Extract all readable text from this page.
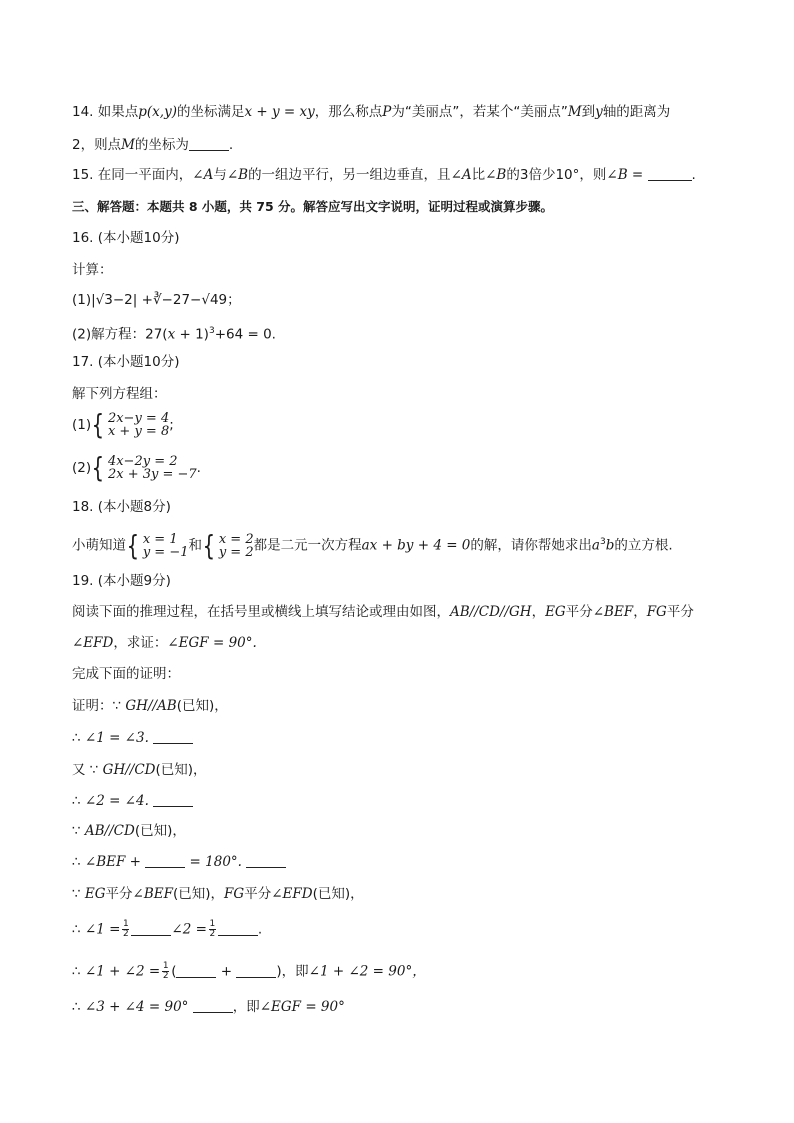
14. 如果点p(x,y)的坐标满足x + y = xy，那么称点P为“美丽点”，若某个“美丽点”M到y轴的距离为
2，则点M的坐标为	.
15. 在同一平面内，∠A与∠B的一组边平行，另一组边垂直，且∠A比∠B的3倍少10°，则∠B =	.
三、解答题：本题共 8 小题，共 75 分。解答应写出文字说明，证明过程或演算步骤。
16. (本小题10分)
计算：
(1)|√3−2| +∛−27−√49；
(2)解方程：$27(x + 1)^3+64 = 0$.
17. (本小题10分)
解下列方程组：
(1) { 2x−y = 4
x + y = 8 ;
(2) { 4x−2y = 2
2x + 3y = −7 .
18. (本小题8分)
小萌知道 { x = 1
y = −1 和 { x = 2
y = 2 都是二元一次方程ax + by + 4 = 0的解，请你帮她求出$a^3b$的立方根.
19. (本小题9分)
阅读下面的推理过程，在括号里或横线上填写结论或理由如图，AB//CD//GH，EG平分∠BEF，FG平分
∠EFD，求证：∠EGF = 90°.
完成下面的证明：
证明：∵ GH//AB(已知)，
∴ ∠1 = ∠3.
又 ∵ GH//CD(已知)，
∴ ∠2 = ∠4.
∵ AB//CD(已知)，
∴ ∠BEF +	= 180°.
∵ EG平分∠BEF(已知)，FG平分∠EFD(已知)，
∴ ∠1 = $\frac{1}{2}$	∠2 = $\frac{1}{2}$	.
∴ ∠1 + ∠2 = $\frac{1}{2}$ (	+	)，即∠1 + ∠2 = 90°，
∴ ∠3 + ∠4 = 90°	，即∠EGF = 90°
